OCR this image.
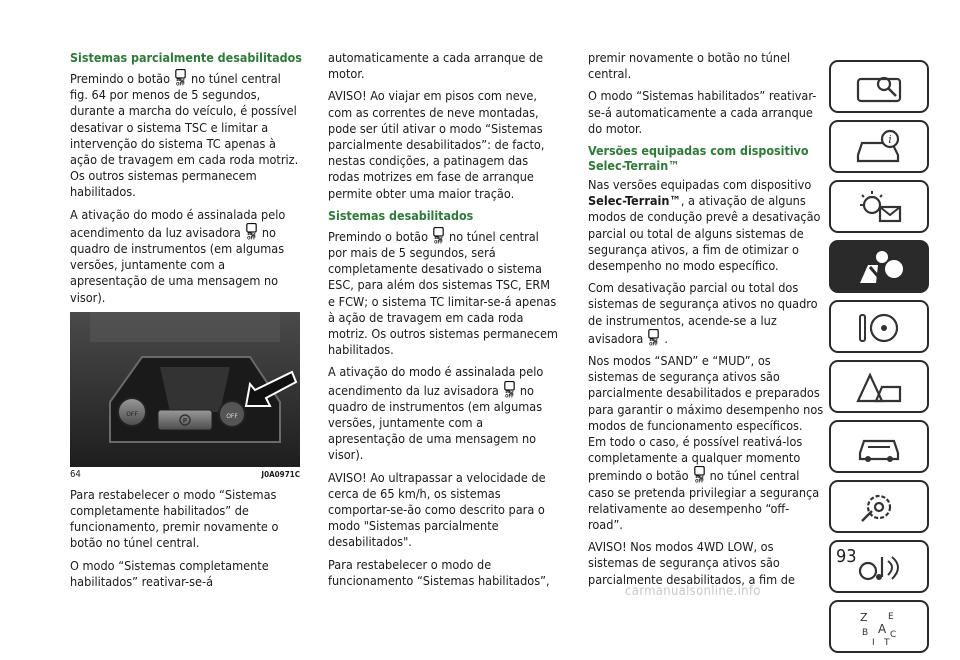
Sistemas parcialmente desabilitados

Premindo o botão no túnel central fig. 64 por menos de 5 segundos, durante a marcha do veículo, é possível desativar o sistema TSC e limitar a intervenção do sistema TC apenas à ação de travagem em cada roda motriz. Os outros sistemas permanecem habilitados.

A ativação do modo é assinalada pelo acendimento da luz avisadora no quadro de instrumentos (em algumas versões, juntamente com a apresentação de uma mensagem no visor).

OFF
P
OFF
64	J0A0971C

Para restabelecer o modo “Sistemas completamente habilitados” de funcionamento, premir novamente o botão no túnel central.

O modo “Sistemas completamente habilitados” reativar-se-á

automaticamente a cada arranque de motor.

AVISO! Ao viajar em pisos com neve, com as correntes de neve montadas, pode ser útil ativar o modo “Sistemas parcialmente desabilitados”: de facto, nestas condições, a patinagem das rodas motrizes em fase de arranque permite obter uma maior tração.

Sistemas desabilitados

Premindo o botão no túnel central por mais de 5 segundos, será completamente desativado o sistema ESC, para além dos sistemas TSC, ERM e FCW; o sistema TC limitar-se-á apenas à ação de travagem em cada roda motriz. Os outros sistemas permanecem habilitados.

A ativação do modo é assinalada pelo acendimento da luz avisadora no quadro de instrumentos (em algumas versões, juntamente com a apresentação de uma mensagem no visor).

AVISO! Ao ultrapassar a velocidade de cerca de 65 km/h, os sistemas comportar-se-ão como descrito para o modo "Sistemas parcialmente desabilitados".

Para restabelecer o modo de funcionamento “Sistemas habilitados”,

premir novamente o botão no túnel central.

O modo “Sistemas habilitados” reativar-se-á automaticamente a cada arranque do motor.

Versões equipadas com dispositivo
Selec-Terrain™

Nas versões equipadas com dispositivo Selec-Terrain™, a ativação de alguns modos de condução prevê a desativação parcial ou total de alguns sistemas de segurança ativos, a fim de otimizar o desempenho no modo específico.

Com desativação parcial ou total dos sistemas de segurança ativos no quadro de instrumentos, acende-se a luz avisadora .

Nos modos “SAND” e “MUD”, os sistemas de segurança ativos são parcialmente desabilitados e preparados para garantir o máximo desempenho nos modos de funcionamento específicos. Em todo o caso, é possível reativá-los completamente a qualquer momento premindo o botão no túnel central caso se pretenda privilegiar a segurança relativamente ao desempenho “off-road”.

AVISO! Nos modos 4WD LOW, os sistemas de segurança ativos são parcialmente desabilitados, a fim de

i
Z E
B A C
I T
93
carmanualsonline.info
